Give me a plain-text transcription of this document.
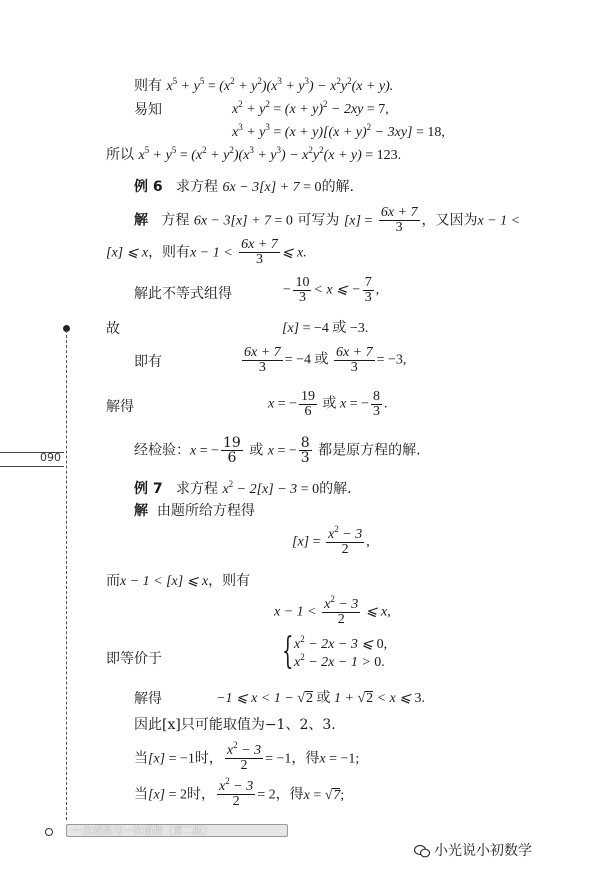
090
一次函数与一次函数（第二版）
小光说小初数学
则有 $x^5 + y^5 = (x^2 + y^2)(x^3 + y^3) - x^2y^2(x + y)$.
易知	$x^2 + y^2 = (x + y)^2 - 2xy = 7$,
$x^3 + y^3 = (x + y)[(x + y)^2 - 3xy] = 18$,
所以 $x^5 + y^5 = (x^2 + y^2)(x^3 + y^3) - x^2y^2(x + y) = 123$.
例 6 求方程 6x − 3[x] + 7 = 0的解.
解 方程 6x − 3[x] + 7 = 0 可写为 $[x] = \frac{6x + 7}{3}$ ，又因为x − 1 <
[x] ⩽ x，则有$x - 1 < \frac{6x + 7}{3}$ ⩽ x.
解此不等式组得	− $\frac{10}{3} < x$ ⩽ − $\frac{7}{3}$ ,
故	[x] = −4 或 −3.
即有	$\frac{6x + 7}{3} = -4$ 或 $\frac{6x + 7}{3} = -3$,
解得	x = − $\frac{19}{6}$ 或 x = − $\frac{8}{3}$ .
经检验：x = − $\frac{19}{6}$ 或 x = − $\frac{8}{3}$ 都是原方程的解.
例 7 求方程 $x^2 - 2[x] - 3 = 0$的解.
解 由题所给方程得
$[x] = \frac{x^2 - 3}{2}$ ,
而x − 1 < [x] ⩽ x，则有
$x - 1 < \frac{x^2 - 3}{2}$ ⩽ x,
即等价于	{ $x^2 - 2x - 3$ ⩽ 0,
$x^2 - 2x - 1 > 0$.
解得	−1 ⩽ x < 1 − √2 或 1 + √2 < x ⩽ 3.
因此[x]只可能取值为−1、2、3.
当[x] = −1时， $\frac{x^2 - 3}{2} = -1$，得x = −1;
当[x] = 2时， $\frac{x^2 - 3}{2} = 2$，得x = √7;
